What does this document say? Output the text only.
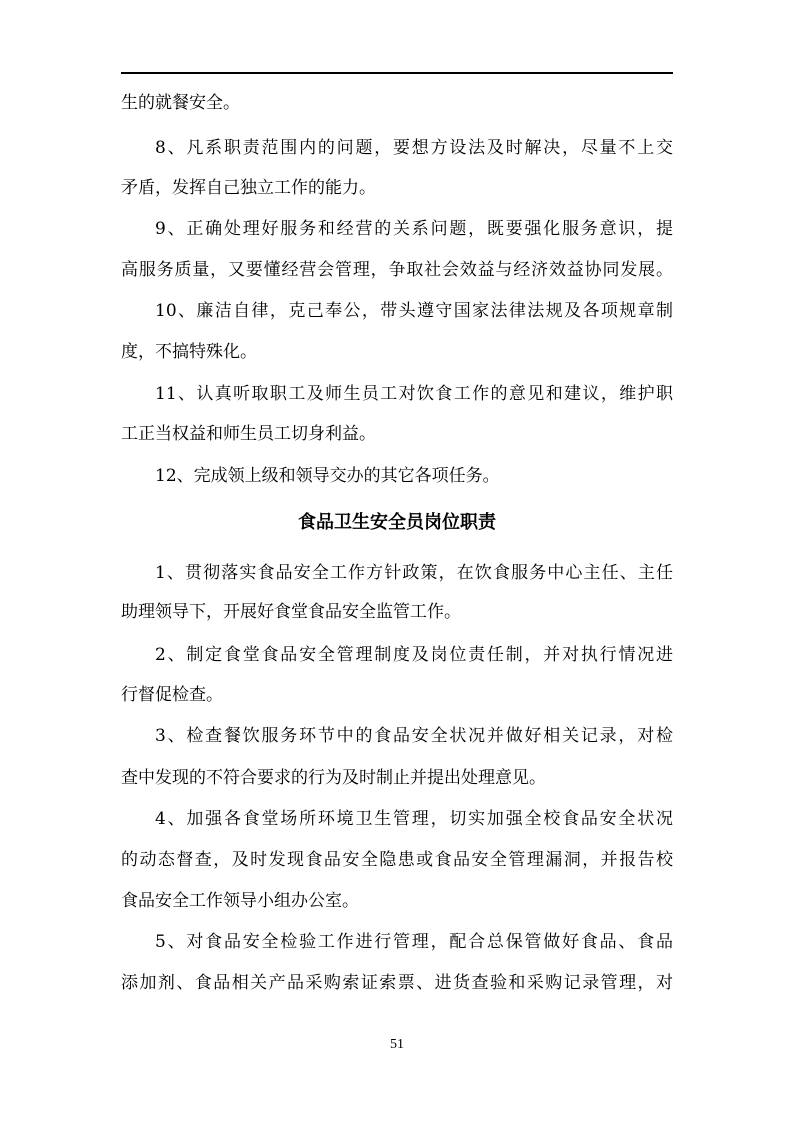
生的就餐安全。
8、凡系职责范围内的问题，要想方设法及时解决，尽量不上交
矛盾，发挥自己独立工作的能力。
9、正确处理好服务和经营的关系问题，既要强化服务意识，提
高服务质量，又要懂经营会管理，争取社会效益与经济效益协同发展。
10、廉洁自律，克己奉公，带头遵守国家法律法规及各项规章制
度，不搞特殊化。
11、认真听取职工及师生员工对饮食工作的意见和建议，维护职
工正当权益和师生员工切身利益。
12、完成领上级和领导交办的其它各项任务。
食品卫生安全员岗位职责
1、贯彻落实食品安全工作方针政策，在饮食服务中心主任、主任
助理领导下，开展好食堂食品安全监管工作。
2、制定食堂食品安全管理制度及岗位责任制，并对执行情况进
行督促检查。
3、检查餐饮服务环节中的食品安全状况并做好相关记录，对检
查中发现的不符合要求的行为及时制止并提出处理意见。
4、加强各食堂场所环境卫生管理，切实加强全校食品安全状况
的动态督查，及时发现食品安全隐患或食品安全管理漏洞，并报告校
食品安全工作领导小组办公室。
5、对食品安全检验工作进行管理，配合总保管做好食品、食品
添加剂、食品相关产品采购索证索票、进货查验和采购记录管理，对
51
